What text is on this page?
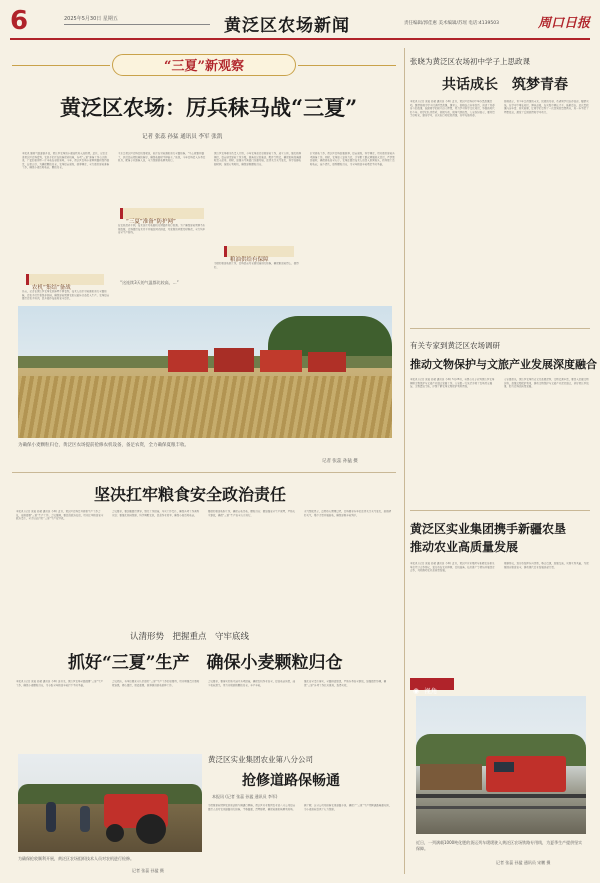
6	2025年5月30日 星期五	黄泛区农场新闻	责任编辑/郭佳惠 美术编辑/苏瑶 电话:4139503	周口日报
“三夏”新观察
黄泛区农场：厉兵秣马战“三夏”
记者 张蕊 孙猛 通讯员 李军 张凯
本报讯 随着气温逐渐升高，黄泛区农场的小麦陆续进入成熟期。近日，记者走进黄泛区农场看到，农机手们正在检修保养机械，各项“三夏”准备工作有序推进，广袤的麦田里一片丰收在望的景象。今年，黄泛区农场小麦种植面积保持稳定，长势良好，为确保颗粒归仓，农场提前谋划，统筹调度，全力做好夏收准备工作，确保小麦适时收获、颗粒归仓。
农机“集结”备战
日前，记者在黄泛区农场农机修理车间看到，技术人员正对收割机进行全面检修，农机手们忙着保养机械，确保夏收期间农机以最佳状态投入生产。农场提前组织农机手培训，提升操作技能和安全意识。
王东是黄泛区农场农机驾驶员，他正在对收割机进行全面检修。“马上就要开镰了，我们提前把机械检修好，确保收割时不掉链子。”他说，今年农场投入各类农机具，配备专业维修人员，全力保障夏收顺利进行。
“三夏”准备“防护网”
在农机保养车间，技术员正对收割机关键部件进行检测。为了确保夏收期间不出现故障，农场组织技术骨干开展拉网式排查，对发现的问题及时整改，全力筑牢安全生产防线。
“这连续3天的气温都比较高，…”
黄泛区农场相关负责人介绍，今年农场高度重视夏收工作，成立专班，强化统筹调度，提前制定夏收工作方案，储备充足的柴油、配件等物资，确保机械设备随时投入使用。同时，加强与气象部门沟通对接，密切关注天气变化，科学安排收割时间，抢抓有利时机，确保夏粮颗粒归仓。
粮油供给有保障
为做好粮食收储工作，农场提前对仓储设施进行检修，确保粮食收得上、储得好。
针对夏收工作，黄泛区农场加强统筹，提前谋划，科学调度，切实做好夏收各项准备工作。同时，农场加大宣传力度，引导职工群众增强防火意识，严禁焚烧秸秆，确保夏收安全有序。农场还组织技术人员深入田间地头，指导职工适时收获，减少损失，做到颗粒归仓，为全年粮食丰收奠定坚实基础。
为确保小麦颗粒归仓，黄泛区农场提前抢修农机设备，备足农资，全力确保夏粮丰收。
记者 张蕊 孙猛 摄
坚决扛牢粮食安全政治责任
本报讯 (记者 张蕊 孙猛 通讯员 李军) 近日，黄泛区农场召开夏粮生产工作会议，安排部署“三夏”生产工作。会议强调，要提高政治站位，切实扛牢粮食安全政治责任，全力以赴打好“三夏”生产攻坚战。
会议要求，要加强组织领导，细化工作措施，压实工作责任，确保各项工作落到实处；要强化机械保障，科学调配农机，提高作业效率，确保小麦适时收获。
要做好粮食收购工作，确保应收尽收、颗粒归仓；要加强安全生产管理，严防火灾事故，确保“三夏”生产安全有序进行。
天气预报显示，近期将有降雨过程，农场要求各单位密切关注天气变化，抢抓晴好天气，集中力量开展抢收，确保夏粮丰收到手。
认清形势　把握重点　守牢底线
抓好“三夏”生产　确保小麦颗粒归仓
本报讯 (记者 张蕊 孙猛 通讯员 李军) 连日来，黄泛区农场全面部署“三夏”生产工作，确保小麦颗粒归仓，为夺取全年粮食丰收打下坚实基础。
会议指出，各单位要充分认识做好“三夏”生产工作的重要性，切实增强责任感和紧迫感，精心组织，周密部署，统筹推进夏收夏种工作。
会议要求，要落实好防灾减灾各项措施，确保农机作业安全，提高收获质量，减少机收损失，努力实现夏粮颗粒归仓、丰产丰收。
强化安全责任落实，全面排查隐患，严防各类安全事故，加强组织协调，确保“三夏”各项工作扎实推进，取得实效。
黄泛区实业集团农业第八分公司
抢修道路保畅通
本报讯 (记者 张蕊 孙猛 通讯员 李军)
为保障夏收期间农机和运粮车辆通行顺畅，黄泛区实业集团农业第八分公司提前组织人员对农田道路进行抢修，平整路面，清理障碍，确保收割机械顺利进场。
据了解，该分公司共抢修农田道路多条，确保了“三夏”生产期间道路畅通无阻，为小麦抢收提供了有力保障。
为确保抢收顺利开展，黄泛区农场组织技术人员对农机进行检修。
记者 张蕊 孙猛 摄
张晓为黄泛区农场初中学子上思政课
共话成长　筑梦青春
本报讯 (记者 张蕊 孙猛 通讯员 李军) 近日，黄泛区农场初中举办思政课活动，邀请张晓为学子们讲授思政课。课堂上，张晓结合自身经历，讲述了青春奋斗的故事，鼓励同学们树立远大理想，努力学习科学文化知识，争做新时代好少年。同学们认真聆听，积极互动，现场气氛热烈。大家纷纷表示，要珍惜美好时光，勤奋学习，以实际行动报效祖国，书写无悔青春。
张晓表示，青少年是祖国的未来、民族的希望，希望同学们志存高远、脚踏实地，在学习中增长知识、锤炼品格，在实践中增长才干、砥砺意志。此次思政课内容丰富、形式新颖，让同学们受到了一次深刻的思想教育，进一步坚定了理想信念，激发了爱国热情和学习动力。
有关专家到黄泛区农场调研
推动文物保护与文旅产业发展深度融合
本报讯 (记者 张蕊 孙猛 通讯员 李军) 5月28日，省级有关专家到黄泛区农场调研文物保护与文旅产业融合发展工作。专家组一行先后参观了农场历史展馆、文物遗址等地，详细了解农场文物保护利用情况。
专家组指出，黄泛区农场历史文化底蕴深厚，文物资源丰富，要深入挖掘文物价值，加强文物保护利用，推动文物保护与文旅产业深度融合，讲好黄泛区故事，助力农场高质量发展。
黄泛区实业集团携手新疆农垦
推动农业高质量发展
本报讯 (记者 张蕊 孙猛 通讯员 李军) 近日，黄泛区实业集团与新疆农垦相关单位签订合作协议，双方将在农业种植、农机装备、技术推广等领域开展深度合作，共同推动农业高质量发展。
根据协议，双方将发挥各自优势，整合资源，加强交流，实现互利共赢，为保障国家粮食安全、推动现代农业发展贡献力量。
◉ 视角
近日，一列满载1000吨化肥的货运列车缓缓驶入黄泛区农场铁路专用线，为夏季生产提供坚实保障。
记者 张蕊 孙猛 通讯员 宋鹏 摄
